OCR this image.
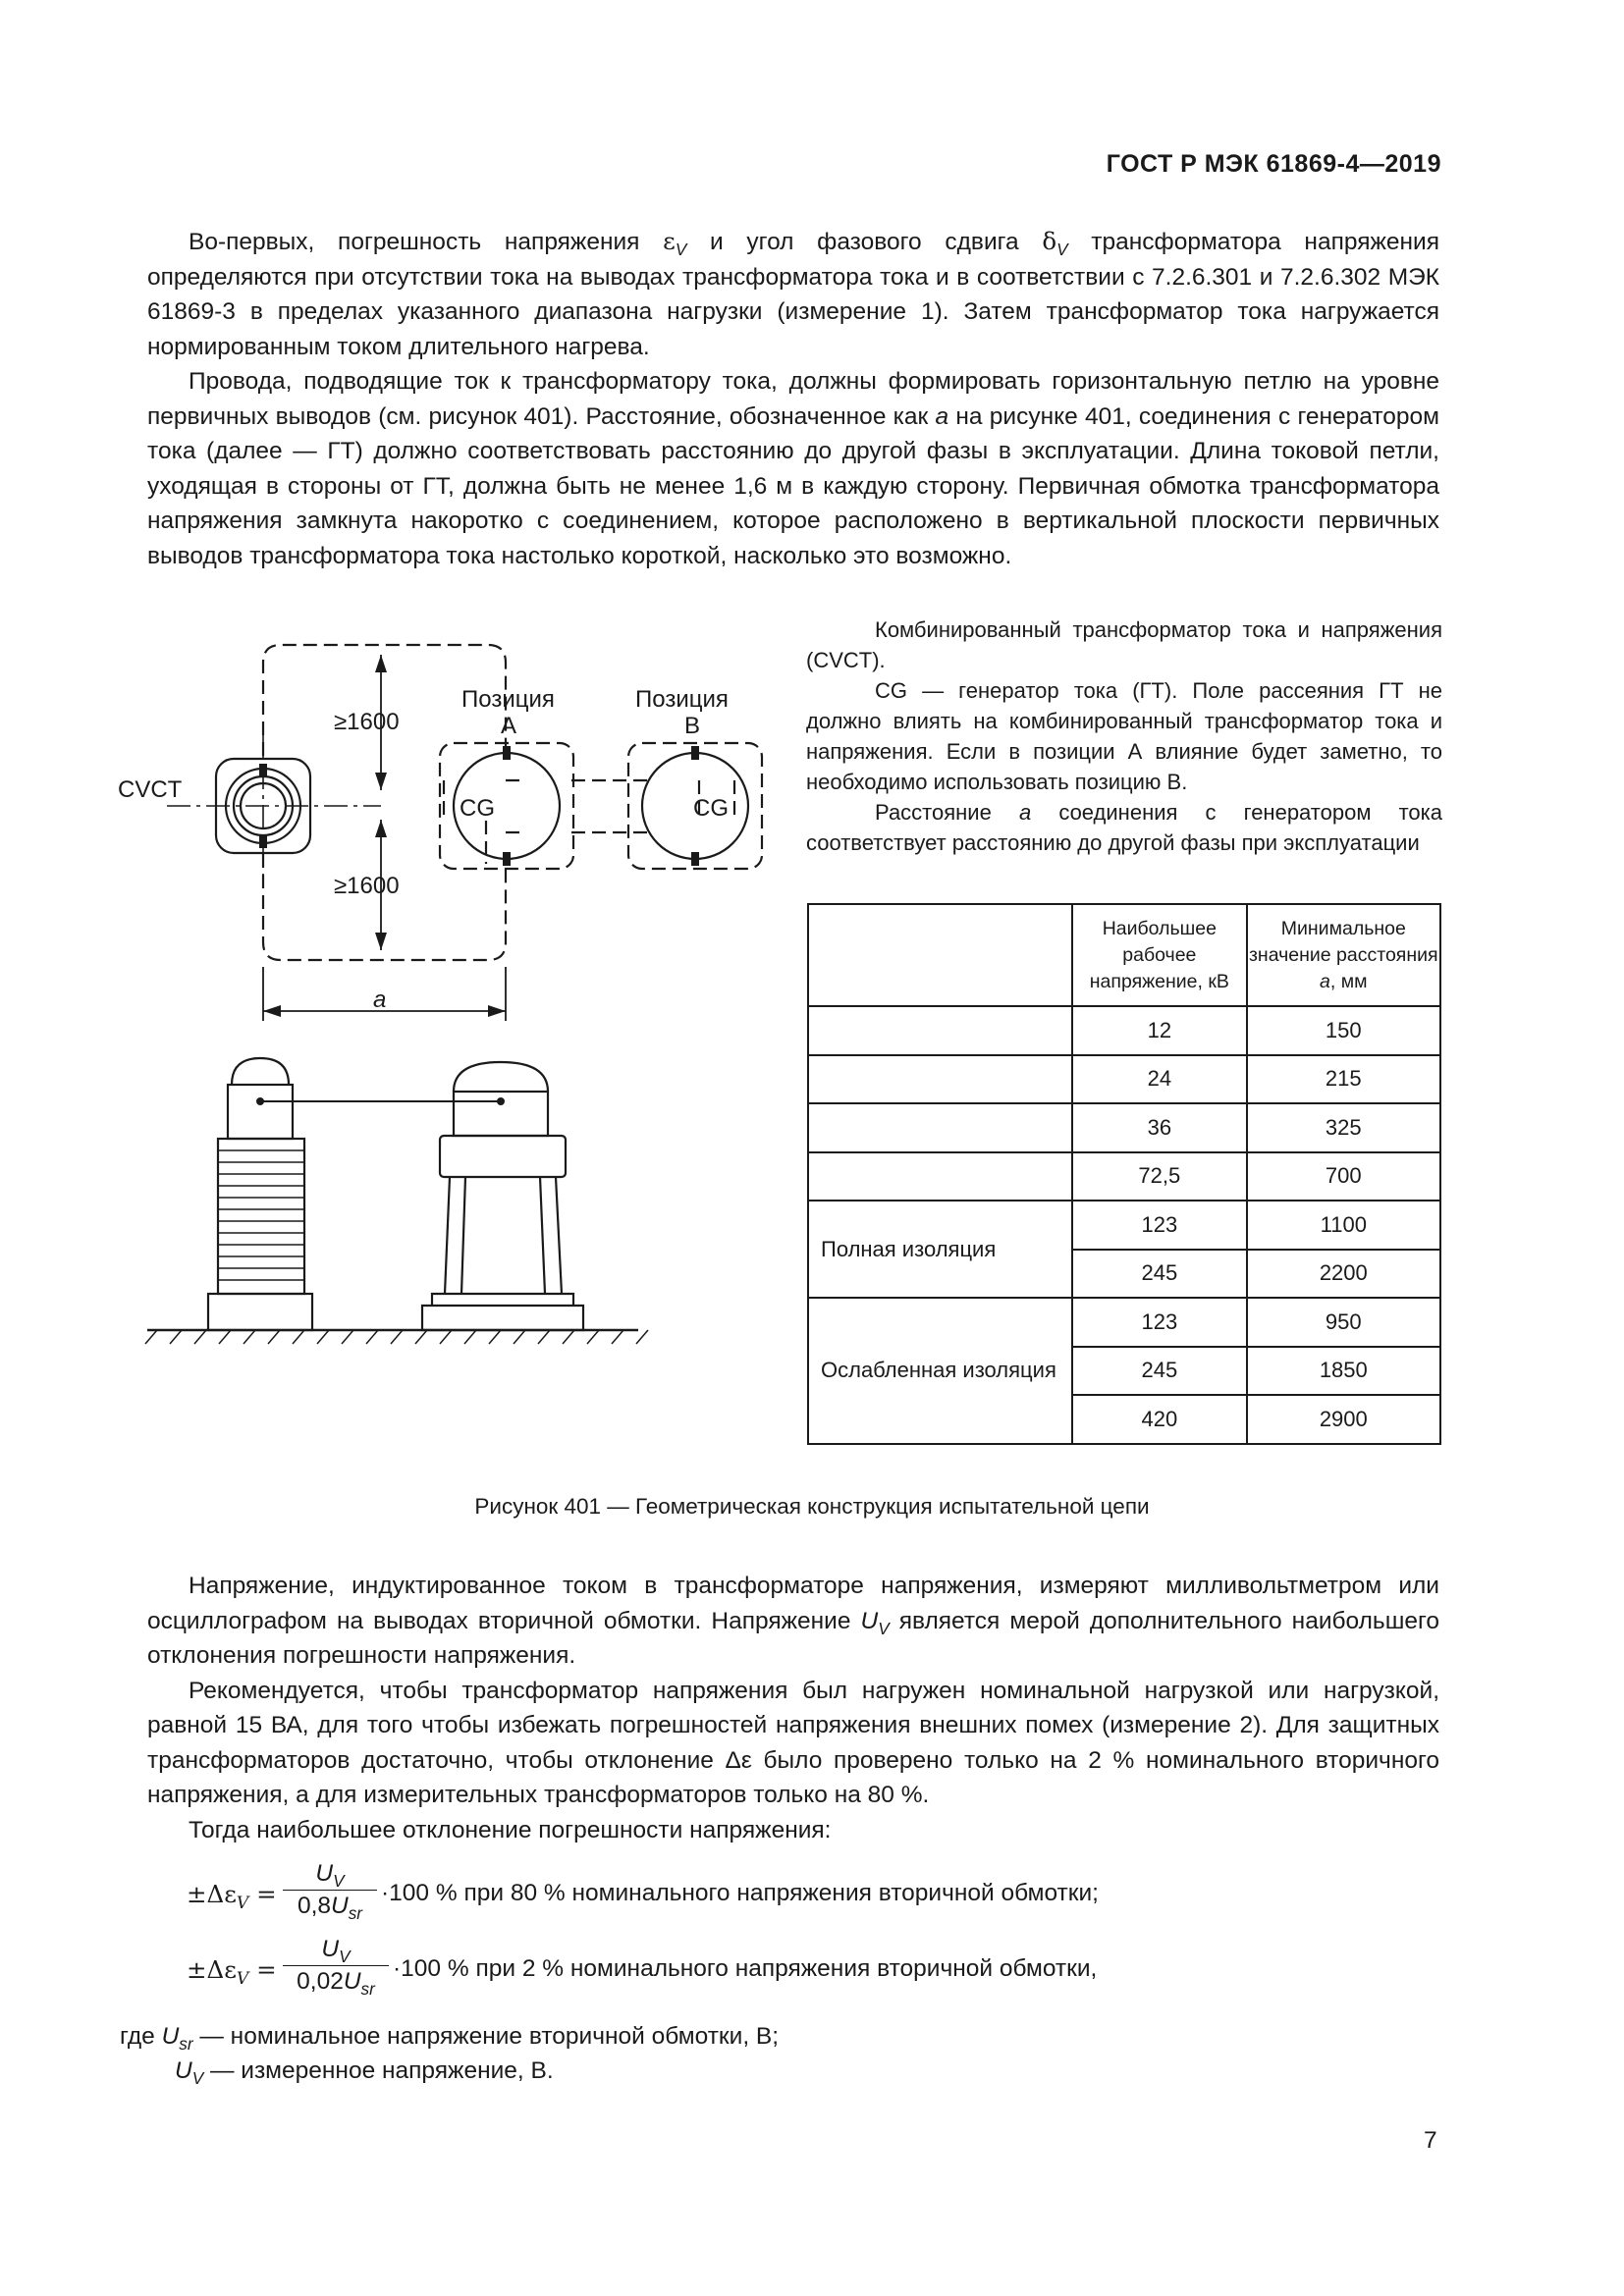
ГОСТ Р МЭК 61869-4—2019

Во-первых, погрешность напряжения $\varepsilon_V$ и угол фазового сдвига $\delta_V$ трансформатора напряжения определяются при отсутствии тока на выводах трансформатора тока и в соответствии с 7.2.6.301 и 7.2.6.302 МЭК 61869-3 в пределах указанного диапазона нагрузки (измерение 1). Затем трансформатор тока нагружается нормированным током длительного нагрева.

Провода, подводящие ток к трансформатору тока, должны формировать горизонтальную петлю на уровне первичных выводов (см. рисунок 401). Расстояние, обозначенное как a на рисунке 401, соединения с генератором тока (далее — ГТ) должно соответствовать расстоянию до другой фазы в эксплуатации. Длина токовой петли, уходящая в стороны от ГТ, должна быть не менее 1,6 м в каждую сторону. Первичная обмотка трансформатора напряжения замкнута накоротко с соединением, которое расположено в вертикальной плоскости первичных выводов трансформатора тока настолько короткой, насколько это возможно.

≥1600
≥1600
CVCT
Позиция
А
Позиция
В
CG	CG
a

Комбинированный трансформатор тока и напряжения (CVCT).

CG — генератор тока (ГТ). Поле рассеяния ГТ не должно влиять на комбинированный трансформатор тока и напряжения. Если в позиции А влияние будет заметно, то необходимо использовать позицию В.

Расстояние a соединения с генератором тока соответствует расстоянию до другой фазы при эксплуатации

	Наибольшее рабочее напряжение, кВ	Минимальное значение расстояния a, мм
	12	150
	24	215
	36	325
	72,5	700
Полная изоляция	123	1100
	245	2200
Ослабленная изоляция	123	950
	245	1850
	420	2900
Рисунок 401 — Геометрическая конструкция испытательной цепи

Напряжение, индуктированное током в трансформаторе напряжения, измеряют милливольтметром или осциллографом на выводах вторичной обмотки. Напряжение $U_V$ является мерой дополнительного наибольшего отклонения погрешности напряжения.

Рекомендуется, чтобы трансформатор напряжения был нагружен номинальной нагрузкой или нагрузкой, равной 15 ВА, для того чтобы избежать погрешностей напряжения внешних помех (измерение 2). Для защитных трансформаторов достаточно, чтобы отклонение Δε было проверено только на 2 % номинального вторичного напряжения, а для измерительных трансформаторов только на 80 %.

Тогда наибольшее отклонение погрешности напряжения:

$\pm\Delta\varepsilon_V$ =
$U_V$
$0,8U_{sr}$
·100 % при 80 % номинального напряжения вторичной обмотки;
$\pm\Delta\varepsilon_V$ =
$U_V$
$0,02U_{sr}$
·100 % при 2 % номинального напряжения вторичной обмотки,
где $U_{sr}$ — номинальное напряжение вторичной обмотки, В;
$U_V$ — измеренное напряжение, В.
7
